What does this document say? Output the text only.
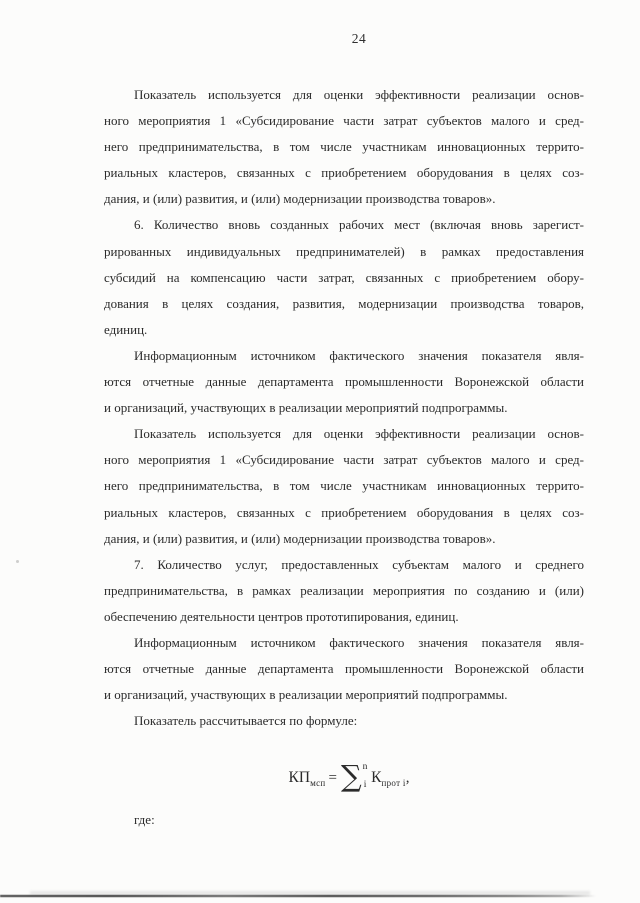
24
Показатель используется для оценки эффективности реализации основ-
ного мероприятия 1 «Субсидирование части затрат субъектов малого и сред-
него предпринимательства, в том числе участникам инновационных террито-
риальных кластеров, связанных с приобретением оборудования в целях соз-
дания, и (или) развития, и (или) модернизации производства товаров».
6. Количество вновь созданных рабочих мест (включая вновь зарегист-
рированных индивидуальных предпринимателей) в рамках предоставления
субсидий на компенсацию части затрат, связанных с приобретением обору-
дования в целях создания, развития, модернизации производства товаров,
единиц.
Информационным источником фактического значения показателя явля-
ются отчетные данные департамента промышленности Воронежской области
и организаций, участвующих в реализации мероприятий подпрограммы.
Показатель используется для оценки эффективности реализации основ-
ного мероприятия 1 «Субсидирование части затрат субъектов малого и сред-
него предпринимательства, в том числе участникам инновационных террито-
риальных кластеров, связанных с приобретением оборудования в целях соз-
дания, и (или) развития, и (или) модернизации производства товаров».
7. Количество услуг, предоставленных субъектам малого и среднего
предпринимательства, в рамках реализации мероприятия по созданию и (или)
обеспечению деятельности центров прототипирования, единиц.
Информационным источником фактического значения показателя явля-
ются отчетные данные департамента промышленности Воронежской области
и организаций, участвующих в реализации мероприятий подпрограммы.
Показатель рассчитывается по формуле:
$КП_{мсп}$ = ∑ n
i $К_{прот i}$,
где:
